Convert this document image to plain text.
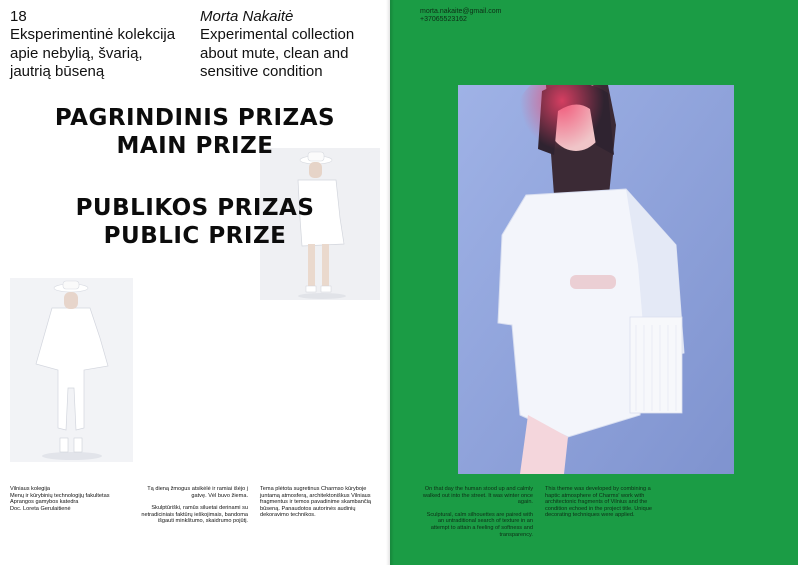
18
Eksperimentinė kolekcija
apie nebylią, švarią,
jautrią būseną
Morta Nakaitė
Experimental collection
about mute, clean and
sensitive condition
PAGRINDINIS PRIZAS
MAIN PRIZE
PUBLIKOS PRIZAS
PUBLIC PRIZE
Vilniaus kolegija
Menų ir kūrybinių technologijų fakultetas
Aprangos gamybos katedra
Doc. Loreta Gerulaitienė

Tą dieną žmogus atsikėlė ir ramiai išėjo į gatvę. Vėl buvo žiema.

Skulptūriški, ramūs siluetai derinami su netradiciniais faktūrų ieškojimais, bandoma išgauti minkštumo, skaidrumo pojūtį.

Tema plėtota sugretinus Charmso kūryboje juntamą atmosferą, architektoniškus Vilniaus fragmentus ir temos pavadinime skambančią būseną. Panaudotos autorinės audinių dekoravimo technikos.

morta.nakaite@gmail.com
+37065523162

On that day the human stood up and calmly walked out into the street. It was winter once again.

Sculptural, calm silhouettes are paired with an untraditional search of texture in an attempt to attain a feeling of softness and transparency.

This theme was developed by combining a haptic atmosphere of Charms' work with architectonic fragments of Vilnius and the condition echoed in the project title. Unique decorating techniques were applied.
